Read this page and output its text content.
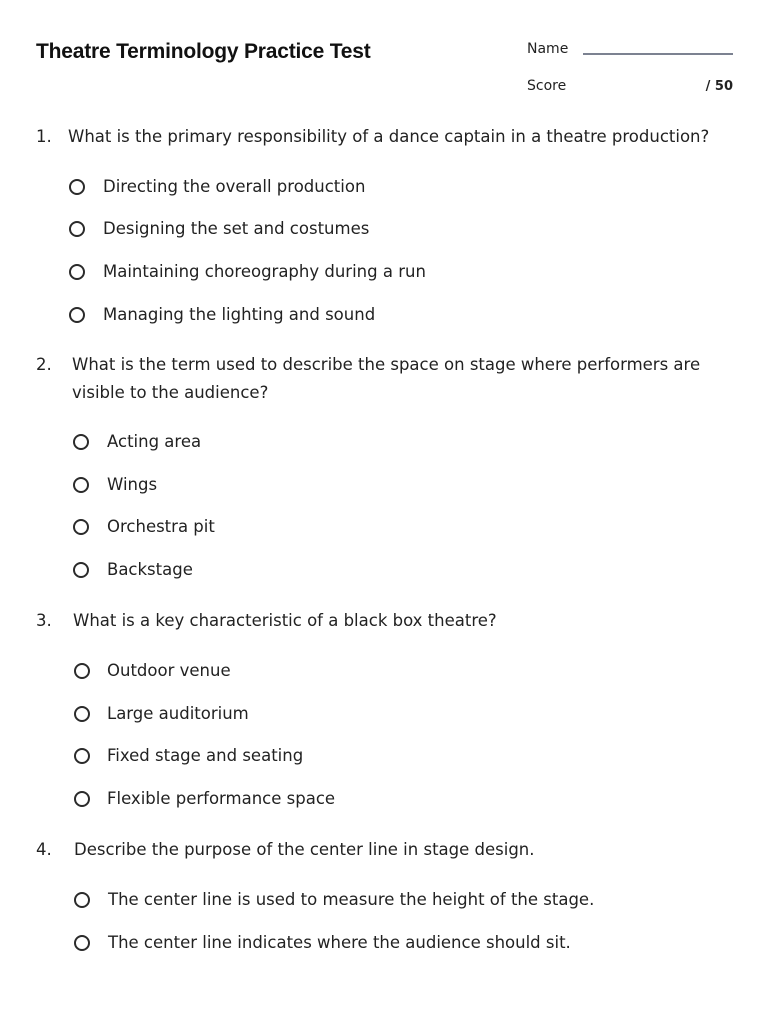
Theatre Terminology Practice Test	Name
Score	/ 50
1. What is the primary responsibility of a dance captain in a theatre production?

Directing the overall production
Designing the set and costumes
Maintaining choreography during a run
Managing the lighting and sound
2. What is the term used to describe the space on stage where performers are visible to the audience?

Acting area
Wings
Orchestra pit
Backstage
3. What is a key characteristic of a black box theatre?

Outdoor venue
Large auditorium
Fixed stage and seating
Flexible performance space
4. Describe the purpose of the center line in stage design.

The center line is used to measure the height of the stage.
The center line indicates where the audience should sit.
